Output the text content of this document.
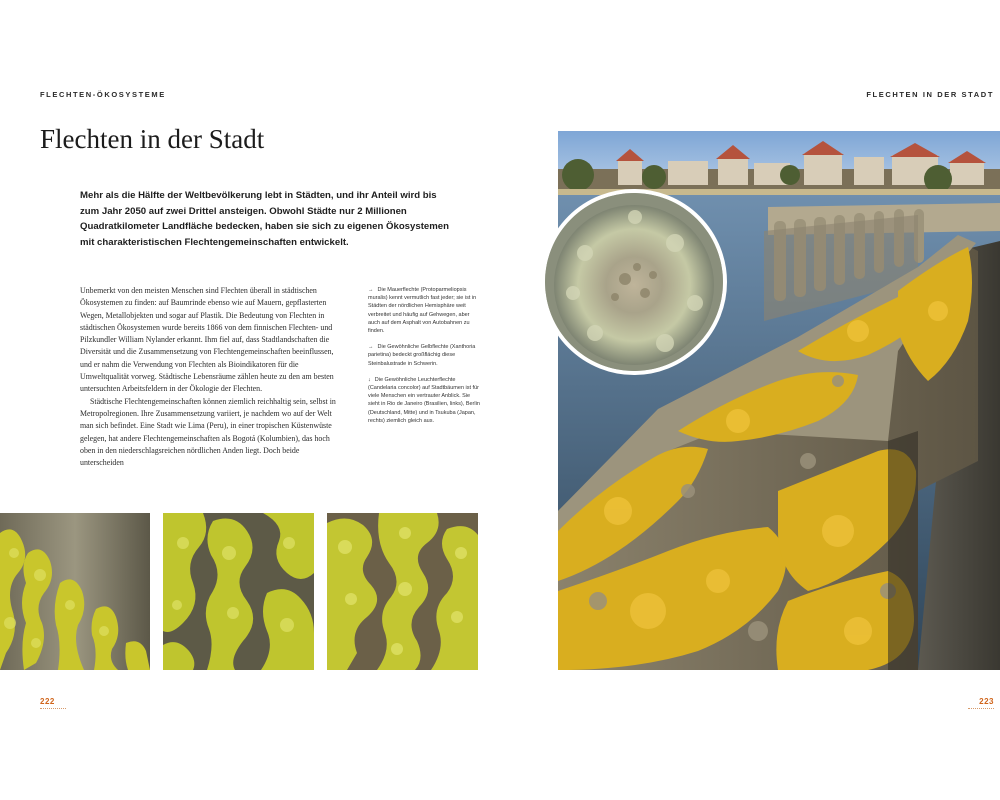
FLECHTEN-ÖKOSYSTEME
Flechten in der Stadt

Mehr als die Hälfte der Weltbevölkerung lebt in Städten, und ihr Anteil wird bis zum Jahr 2050 auf zwei Drittel ansteigen. Obwohl Städte nur 2 Millionen Quadratkilometer Landfläche bedecken, haben sie sich zu eigenen Ökosystemen mit charakteristischen Flechtengemeinschaften entwickelt.

Unbemerkt von den meisten Menschen sind Flechten überall in städtischen Ökosystemen zu finden: auf Baumrinde ebenso wie auf Mauern, gepflasterten Wegen, Metallobjekten und sogar auf Plastik. Die Bedeutung von Flechten in städtischen Ökosystemen wurde bereits 1866 von dem finnischen Flechten- und Pilzkundler William Nylander erkannt. Ihm fiel auf, dass Stadtlandschaften die Diversität und die Zusammensetzung von Flechtengemeinschaften beeinflussen, und er nahm die Verwendung von Flechten als Bioindikatoren für die Umweltqualität vorweg. Städtische Lebensräume zählen heute zu den am besten untersuchten Arbeitsfeldern in der Ökologie der Flechten.

Städtische Flechtengemeinschaften können ziemlich reichhaltig sein, selbst in Metropolregionen. Ihre Zusammensetzung variiert, je nachdem wo auf der Welt man sich befindet. Eine Stadt wie Lima (Peru), in einer tropischen Küstenwüste gelegen, hat andere Flechtengemeinschaften als Bogotá (Kolumbien), das hoch oben in den niederschlagsreichen nördlichen Anden liegt. Doch beide unterscheiden

→ Die Mauerflechte (Protoparmeliopsis muralis) kennt vermutlich fast jeder; sie ist in Städten der nördlichen Hemisphäre weit verbreitet und häufig auf Gehwegen, aber auch auf dem Asphalt von Autobahnen zu finden.

→ Die Gewöhnliche Gelbflechte (Xanthoria parietina) bedeckt großflächig diese Steinbalustrade in Schwerin.

↓ Die Gewöhnliche Leuchterflechte (Candelaria concolor) auf Stadtbäumen ist für viele Menschen ein vertrauter Anblick. Sie sieht in Rio de Janeiro (Brasilien, links), Berlin (Deutschland, Mitte) und in Tsukuba (Japan, rechts) ziemlich gleich aus.

222
FLECHTEN IN DER STADT
223
